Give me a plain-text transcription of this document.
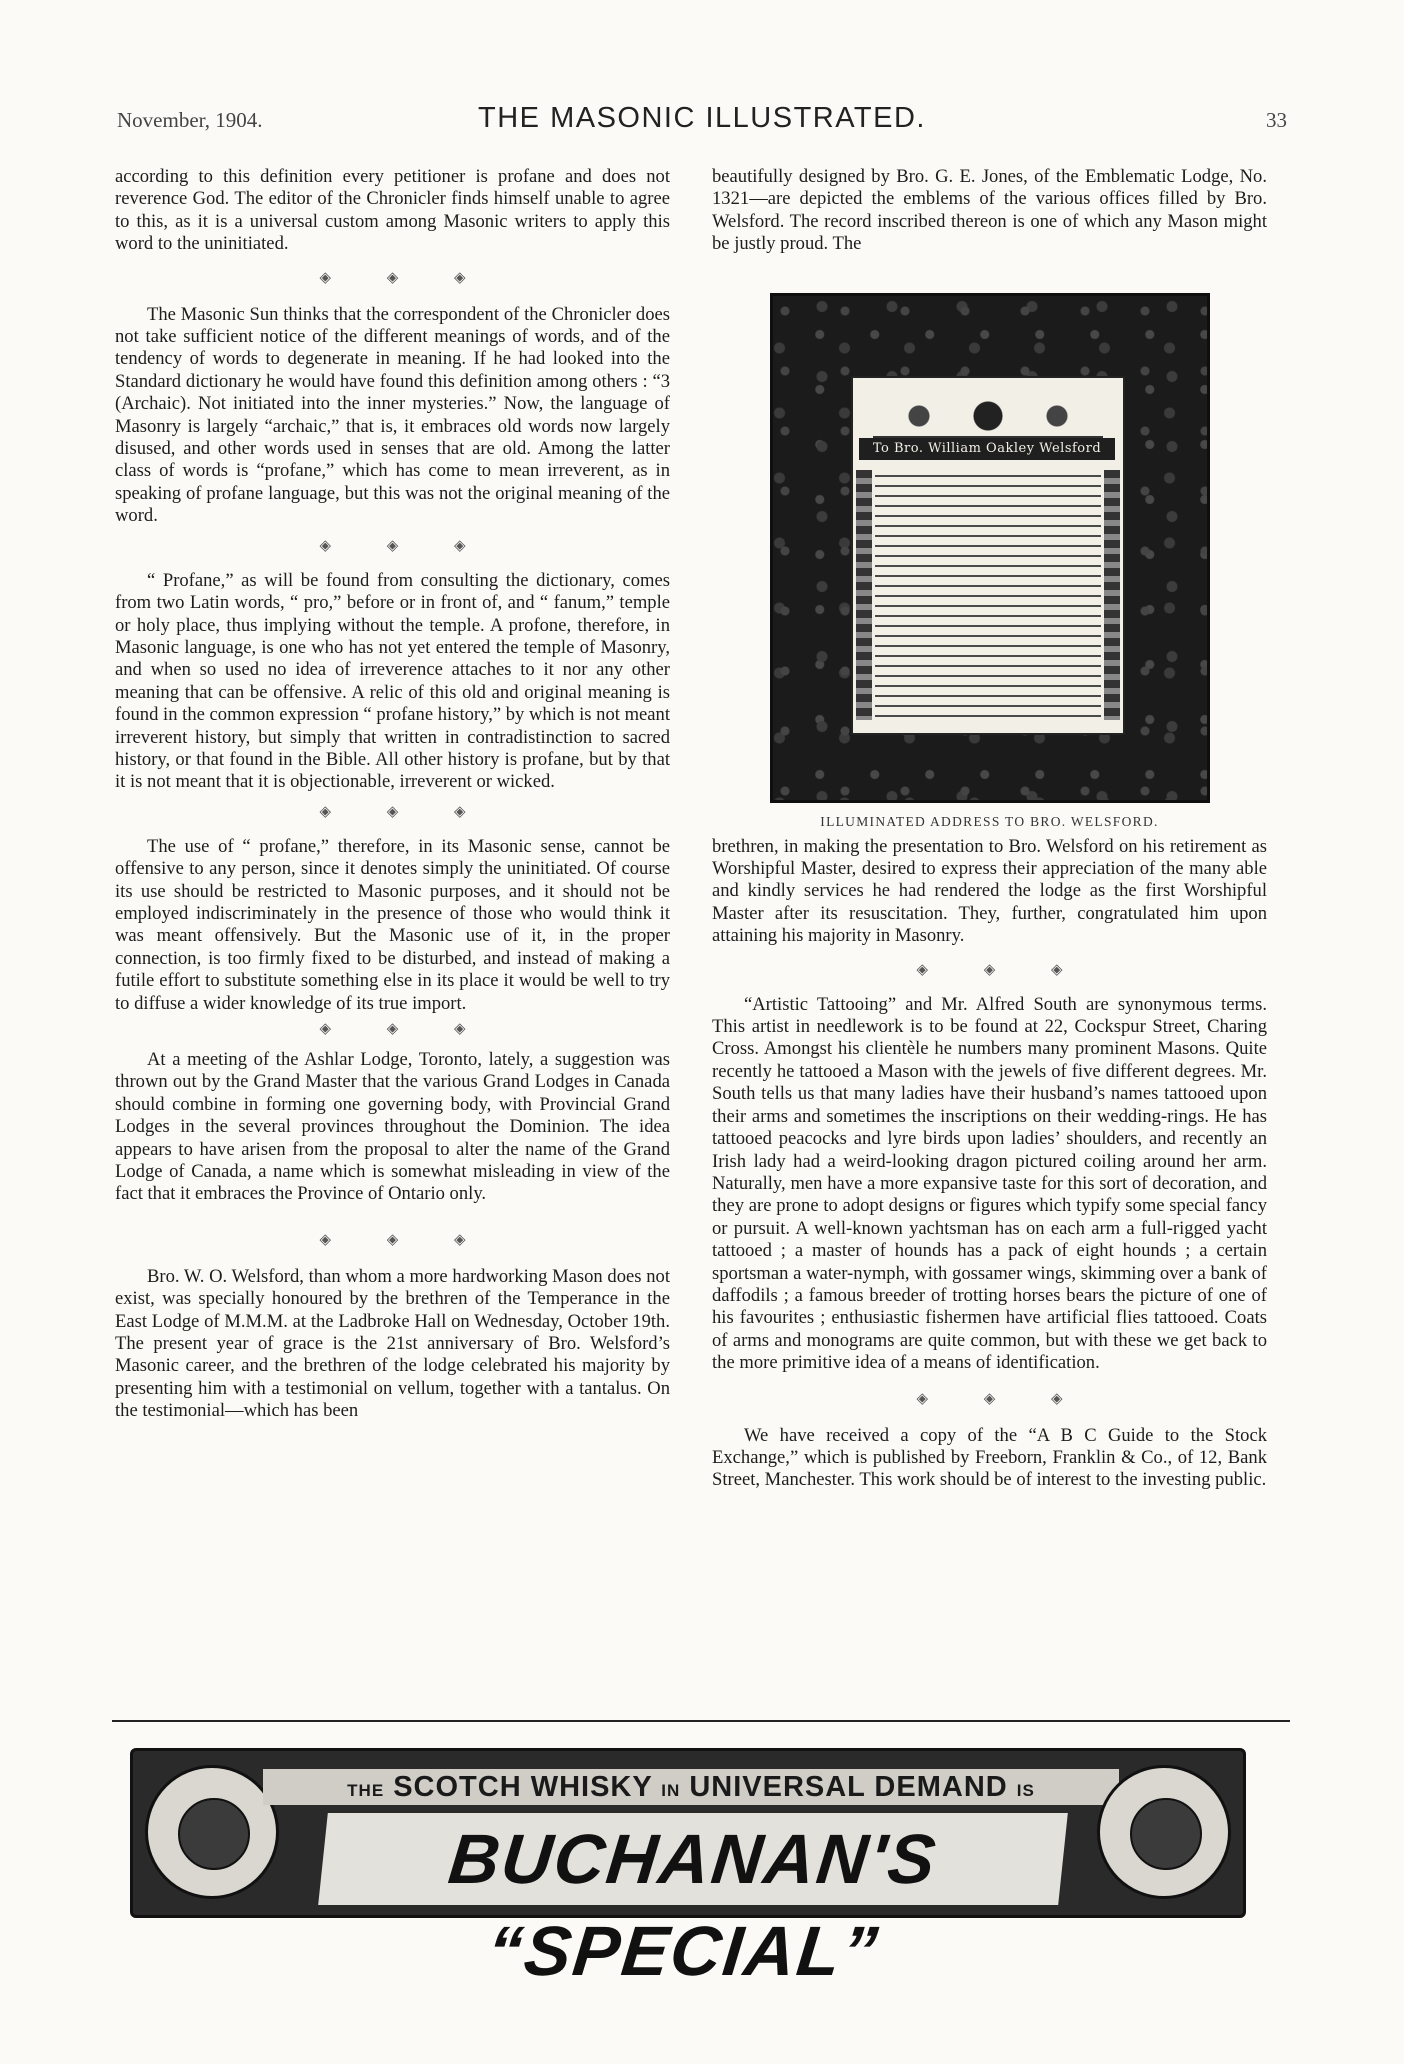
November, 1904.	THE MASONIC ILLUSTRATED.	33

according to this definition every petitioner is profane and does not reverence God. The editor of the Chronicler finds himself unable to agree to this, as it is a universal custom among Masonic writers to apply this word to the uninitiated.

◈ ◈ ◈

The Masonic Sun thinks that the correspondent of the Chronicler does not take sufficient notice of the different meanings of words, and of the tendency of words to degenerate in meaning. If he had looked into the Standard dictionary he would have found this definition among others : “3 (Archaic). Not initiated into the inner mysteries.” Now, the language of Masonry is largely “archaic,” that is, it embraces old words now largely disused, and other words used in senses that are old. Among the latter class of words is “profane,” which has come to mean irreverent, as in speaking of profane language, but this was not the original meaning of the word.

◈ ◈ ◈

“ Profane,” as will be found from consulting the dictionary, comes from two Latin words, “ pro,” before or in front of, and “ fanum,” temple or holy place, thus implying without the temple. A profone, therefore, in Masonic language, is one who has not yet entered the temple of Masonry, and when so used no idea of irreverence attaches to it nor any other meaning that can be offensive. A relic of this old and original meaning is found in the common expression “ profane history,” by which is not meant irreverent history, but simply that written in contradistinction to sacred history, or that found in the Bible. All other history is profane, but by that it is not meant that it is objectionable, irreverent or wicked.

◈ ◈ ◈

The use of “ profane,” therefore, in its Masonic sense, cannot be offensive to any person, since it denotes simply the uninitiated. Of course its use should be restricted to Masonic purposes, and it should not be employed indiscriminately in the presence of those who would think it was meant offensively. But the Masonic use of it, in the proper connection, is too firmly fixed to be disturbed, and instead of making a futile effort to substitute something else in its place it would be well to try to diffuse a wider knowledge of its true import.

◈ ◈ ◈

At a meeting of the Ashlar Lodge, Toronto, lately, a suggestion was thrown out by the Grand Master that the various Grand Lodges in Canada should combine in forming one governing body, with Provincial Grand Lodges in the several provinces throughout the Dominion. The idea appears to have arisen from the proposal to alter the name of the Grand Lodge of Canada, a name which is somewhat misleading in view of the fact that it embraces the Province of Ontario only.

◈ ◈ ◈

Bro. W. O. Welsford, than whom a more hardworking Mason does not exist, was specially honoured by the brethren of the Temperance in the East Lodge of M.M.M. at the Ladbroke Hall on Wednesday, October 19th. The present year of grace is the 21st anniversary of Bro. Welsford’s Masonic career, and the brethren of the lodge celebrated his majority by presenting him with a testimonial on vellum, together with a tantalus. On the testimonial—which has been

beautifully designed by Bro. G. E. Jones, of the Emblematic Lodge, No. 1321—are depicted the emblems of the various offices filled by Bro. Welsford. The record inscribed thereon is one of which any Mason might be justly proud. The

brethren, in making the presentation to Bro. Welsford on his retirement as Worshipful Master, desired to express their appreciation of the many able and kindly services he had rendered the lodge as the first Worshipful Master after its resuscitation. They, further, congratulated him upon attaining his majority in Masonry.

◈ ◈ ◈

“Artistic Tattooing” and Mr. Alfred South are synonymous terms. This artist in needlework is to be found at 22, Cockspur Street, Charing Cross. Amongst his clientèle he numbers many prominent Masons. Quite recently he tattooed a Mason with the jewels of five different degrees. Mr. South tells us that many ladies have their husband’s names tattooed upon their arms and sometimes the inscriptions on their wedding-rings. He has tattooed peacocks and lyre birds upon ladies’ shoulders, and recently an Irish lady had a weird-looking dragon pictured coiling around her arm. Naturally, men have a more expansive taste for this sort of decoration, and they are prone to adopt designs or figures which typify some special fancy or pursuit. A well-known yachtsman has on each arm a full-rigged yacht tattooed ; a master of hounds has a pack of eight hounds ; a certain sportsman a water-nymph, with gossamer wings, skimming over a bank of daffodils ; a famous breeder of trotting horses bears the picture of one of his favourites ; enthusiastic fishermen have artificial flies tattooed. Coats of arms and monograms are quite common, but with these we get back to the more primitive idea of a means of identification.

◈ ◈ ◈

We have received a copy of the “A B C Guide to the Stock Exchange,” which is published by Freeborn, Franklin & Co., of 12, Bank Street, Manchester. This work should be of interest to the investing public.

To Bro. William Oakley Welsford
ILLUMINATED ADDRESS TO BRO. WELSFORD.
THE SCOTCH WHISKY IN UNIVERSAL DEMAND IS
BUCHANAN'S “SPECIAL”
